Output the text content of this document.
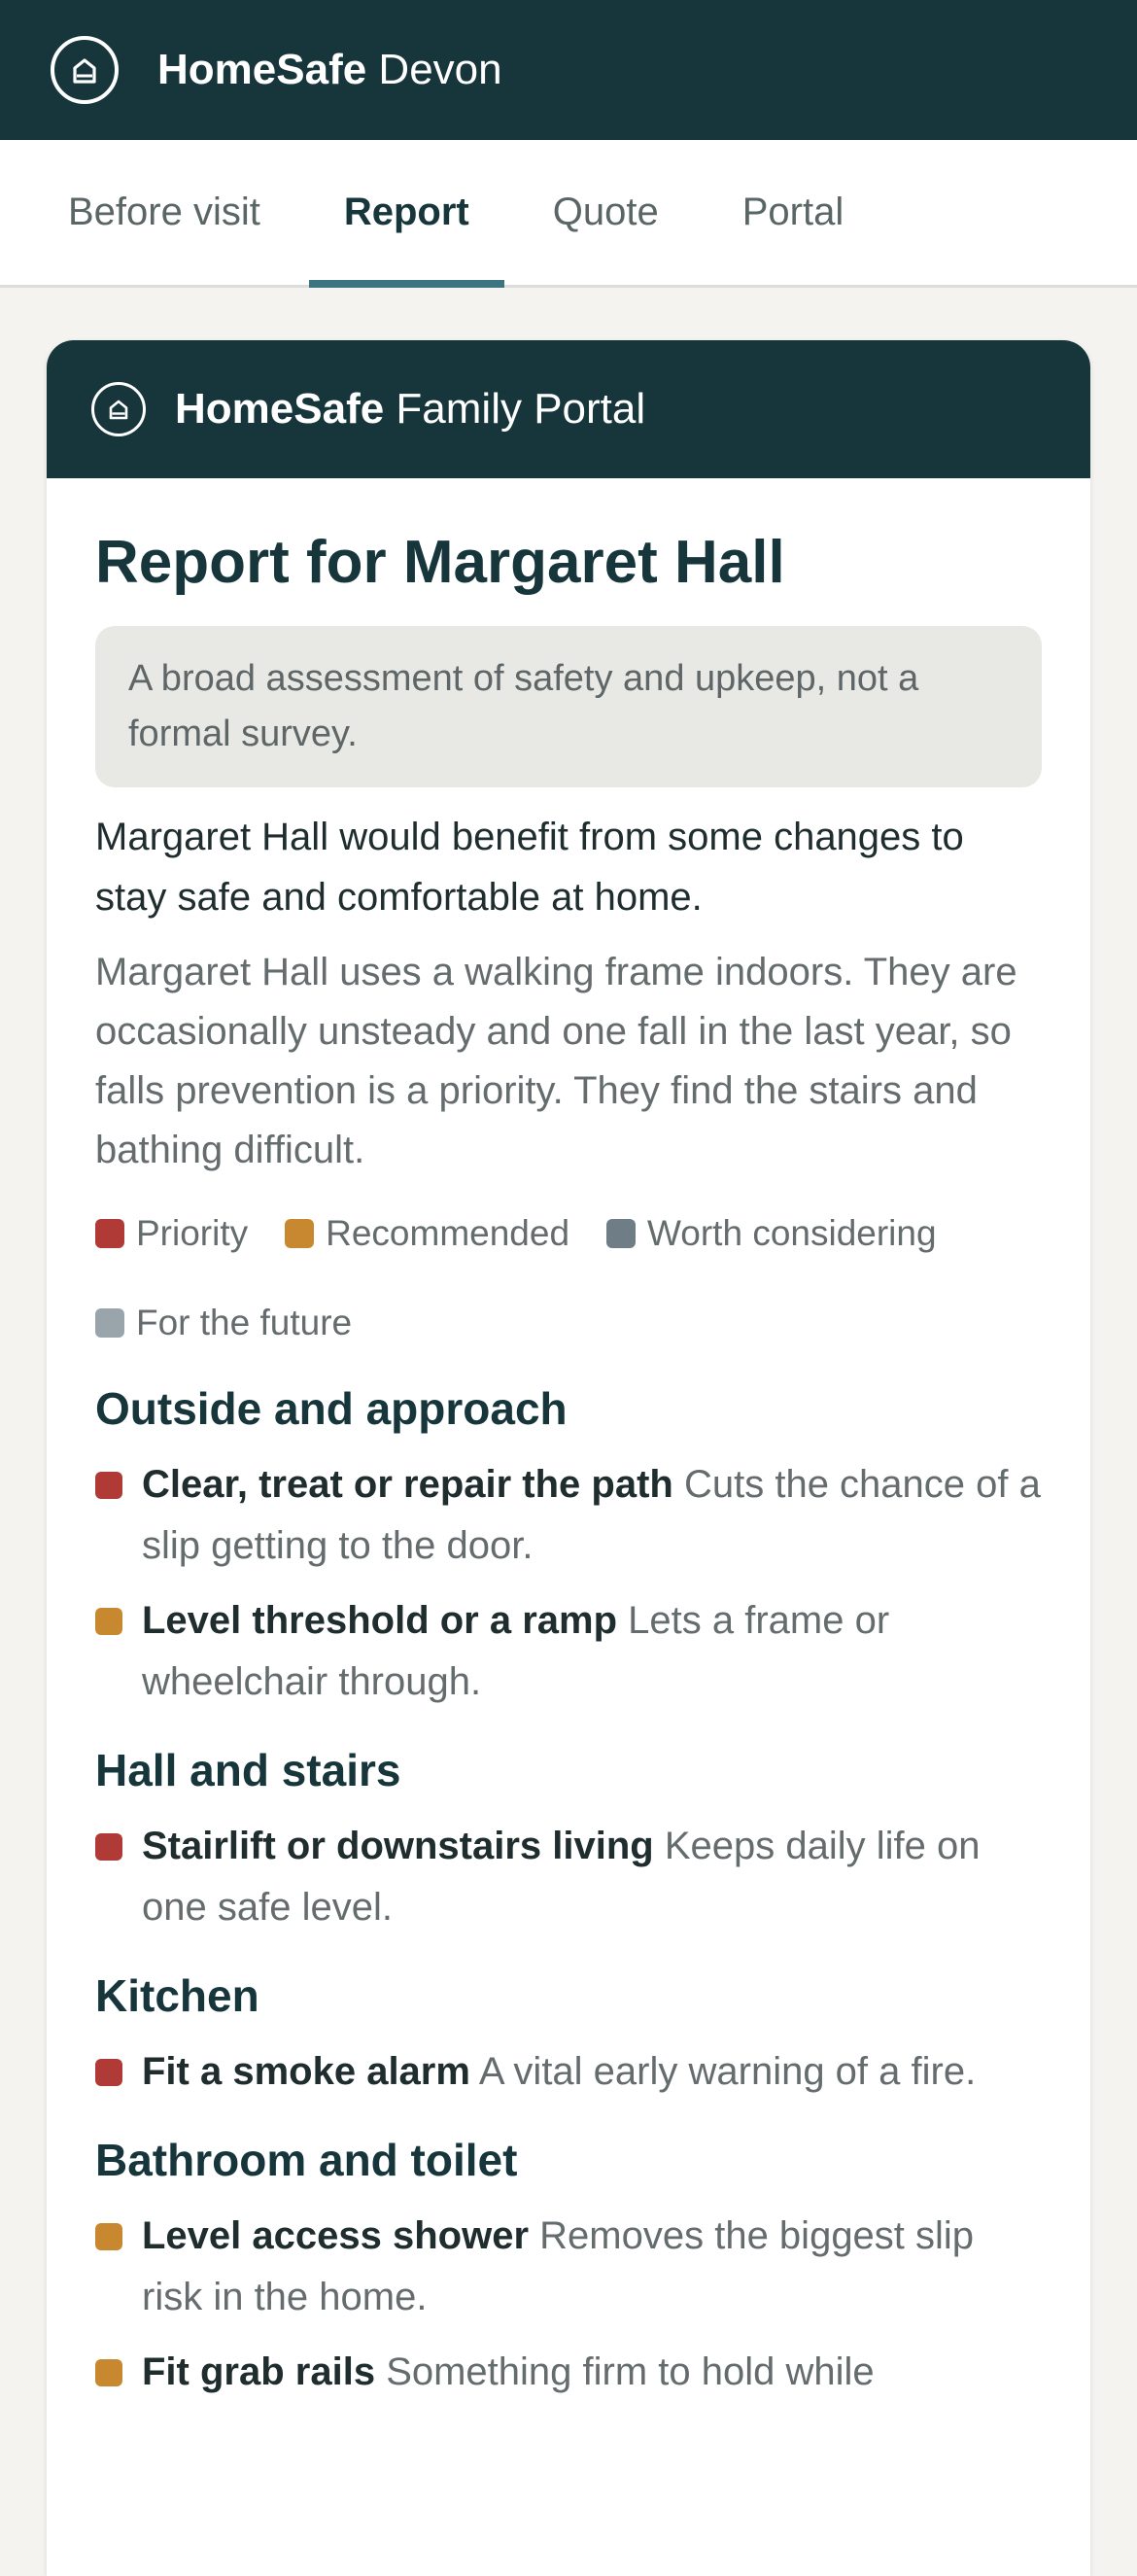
HomeSafe Devon
Before visit	Report	Quote	Portal
HomeSafe Family Portal
Report for Margaret Hall
A broad assessment of safety and upkeep, not a formal survey.

Margaret Hall would benefit from some changes to stay safe and comfortable at home.

Margaret Hall uses a walking frame indoors. They are occasionally unsteady and one fall in the last year, so falls prevention is a priority. They find the stairs and bathing difficult.

Priority Recommended Worth considering
For the future
Outside and approach
Clear, treat or repair the path Cuts the chance of a slip getting to the door.
Level threshold or a ramp Lets a frame or wheelchair through.
Hall and stairs
Stairlift or downstairs living Keeps daily life on one safe level.
Kitchen
Fit a smoke alarm A vital early warning of a fire.
Bathroom and toilet
Level access shower Removes the biggest slip risk in the home.
Fit grab rails Something firm to hold while
